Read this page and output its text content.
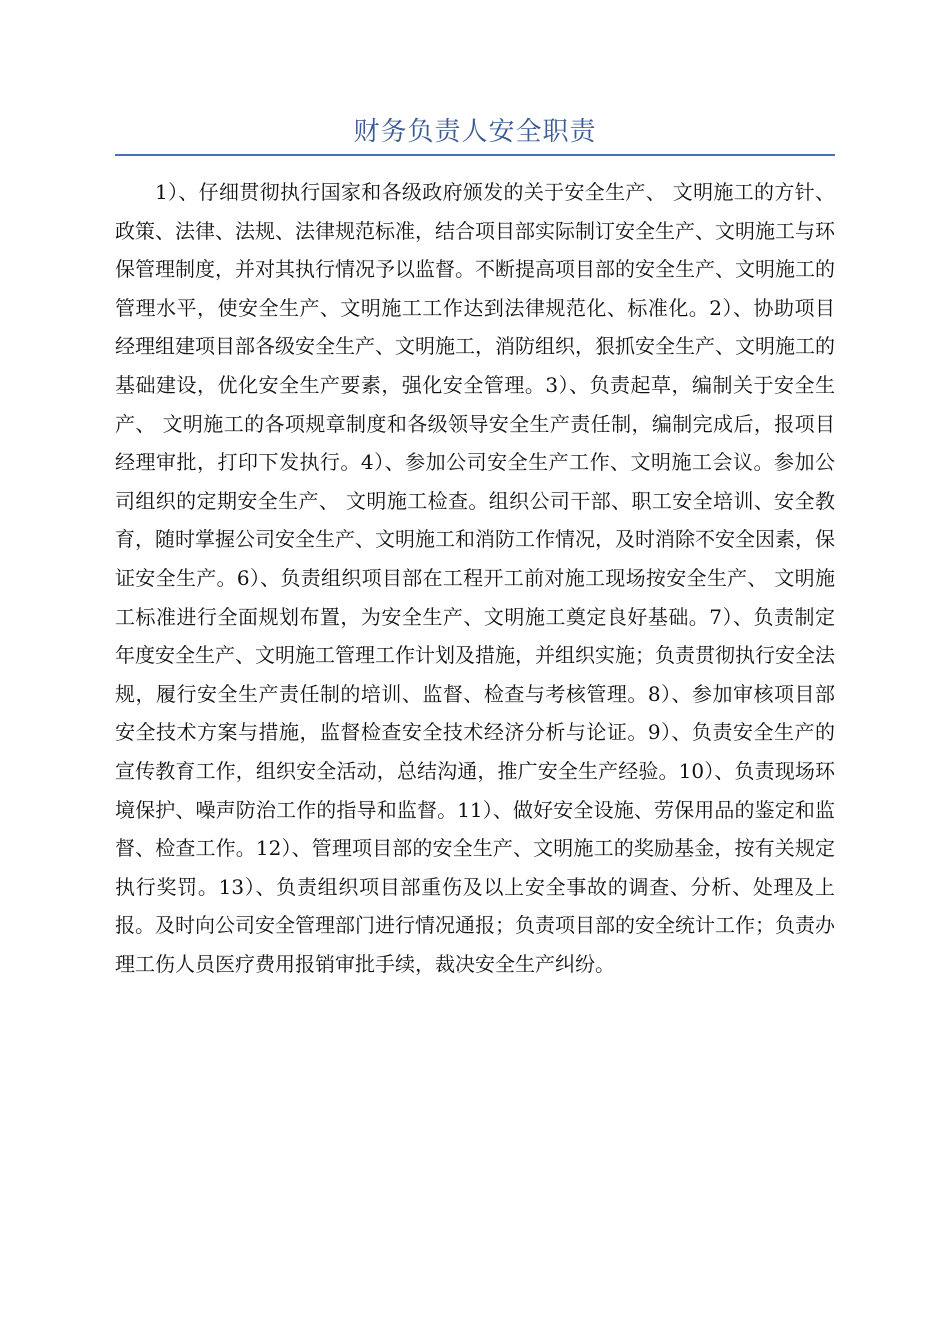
财务负责人安全职责

1）、仔细贯彻执行国家和各级政府颁发的关于安全生产、 文明施工的方针、政策、法律、法规、法律规范标准，结合项目部实际制订安全生产、文明施工与环保管理制度，并对其执行情况予以监督。不断提高项目部的安全生产、文明施工的管理水平，使安全生产、文明施工工作达到法律规范化、标准化。2）、协助项目经理组建项目部各级安全生产、文明施工，消防组织，狠抓安全生产、文明施工的基础建设，优化安全生产要素，强化安全管理。3）、负责起草，编制关于安全生产、 文明施工的各项规章制度和各级领导安全生产责任制，编制完成后，报项目经理审批，打印下发执行。4）、参加公司安全生产工作、文明施工会议。参加公司组织的定期安全生产、 文明施工检查。组织公司干部、职工安全培训、安全教育，随时掌握公司安全生产、文明施工和消防工作情况，及时消除不安全因素，保证安全生产。6）、负责组织项目部在工程开工前对施工现场按安全生产、 文明施工标准进行全面规划布置，为安全生产、文明施工奠定良好基础。7）、负责制定年度安全生产、文明施工管理工作计划及措施，并组织实施；负责贯彻执行安全法规，履行安全生产责任制的培训、监督、检查与考核管理。8）、参加审核项目部安全技术方案与措施，监督检查安全技术经济分析与论证。9）、负责安全生产的宣传教育工作，组织安全活动，总结沟通，推广安全生产经验。10）、负责现场环境保护、噪声防治工作的指导和监督。11）、做好安全设施、劳保用品的鉴定和监督、检查工作。12）、管理项目部的安全生产、文明施工的奖励基金，按有关规定执行奖罚。13）、负责组织项目部重伤及以上安全事故的调查、分析、处理及上报。及时向公司安全管理部门进行情况通报；负责项目部的安全统计工作；负责办理工伤人员医疗费用报销审批手续，裁决安全生产纠纷。
